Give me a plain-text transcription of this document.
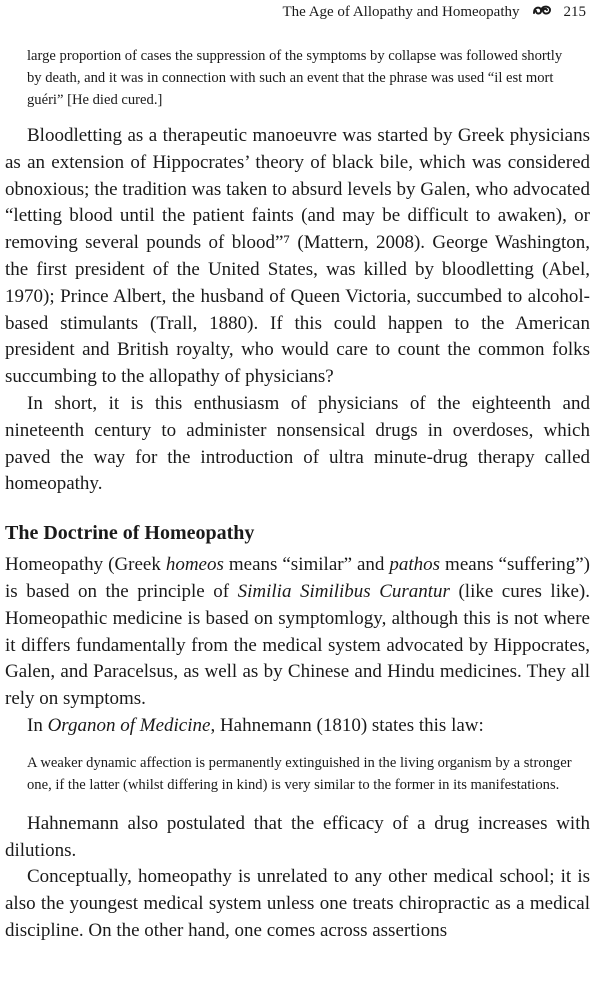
The Age of Allopathy and Homeopathy	215

large proportion of cases the suppression of the symptoms by collapse was followed shortly by death, and it was in connection with such an event that the phrase was used “il est mort guéri” [He died cured.]

Bloodletting as a therapeutic manoeuvre was started by Greek physicians as an extension of Hippocrates’ theory of black bile, which was considered obnoxious; the tradition was taken to absurd levels by Galen, who advocated “letting blood until the patient faints (and may be difficult to awaken), or removing several pounds of blood”⁷ (Mattern, 2008). George Washington, the first president of the United States, was killed by bloodletting (Abel, 1970); Prince Albert, the husband of Queen Victoria, succumbed to alcohol-based stimulants (Trall, 1880). If this could happen to the American president and British royalty, who would care to count the common folks succumbing to the allopathy of physicians?

In short, it is this enthusiasm of physicians of the eighteenth and nineteenth century to administer nonsensical drugs in overdoses, which paved the way for the introduction of ultra minute-drug therapy called homeopathy.

The Doctrine of Homeopathy

Homeopathy (Greek homeos means “similar” and pathos means “suffering”) is based on the principle of Similia Similibus Curantur (like cures like). Homeopathic medicine is based on symptomlogy, although this is not where it differs fundamentally from the medical system advocated by Hippocrates, Galen, and Paracelsus, as well as by Chinese and Hindu medicines. They all rely on symptoms.

In Organon of Medicine, Hahnemann (1810) states this law:

A weaker dynamic affection is permanently extinguished in the living organism by a stronger one, if the latter (whilst differing in kind) is very similar to the former in its manifestations.

Hahnemann also postulated that the efficacy of a drug increases with dilutions.

Conceptually, homeopathy is unrelated to any other medical school; it is also the youngest medical system unless one treats chiropractic as a medical discipline. On the other hand, one comes across assertions
